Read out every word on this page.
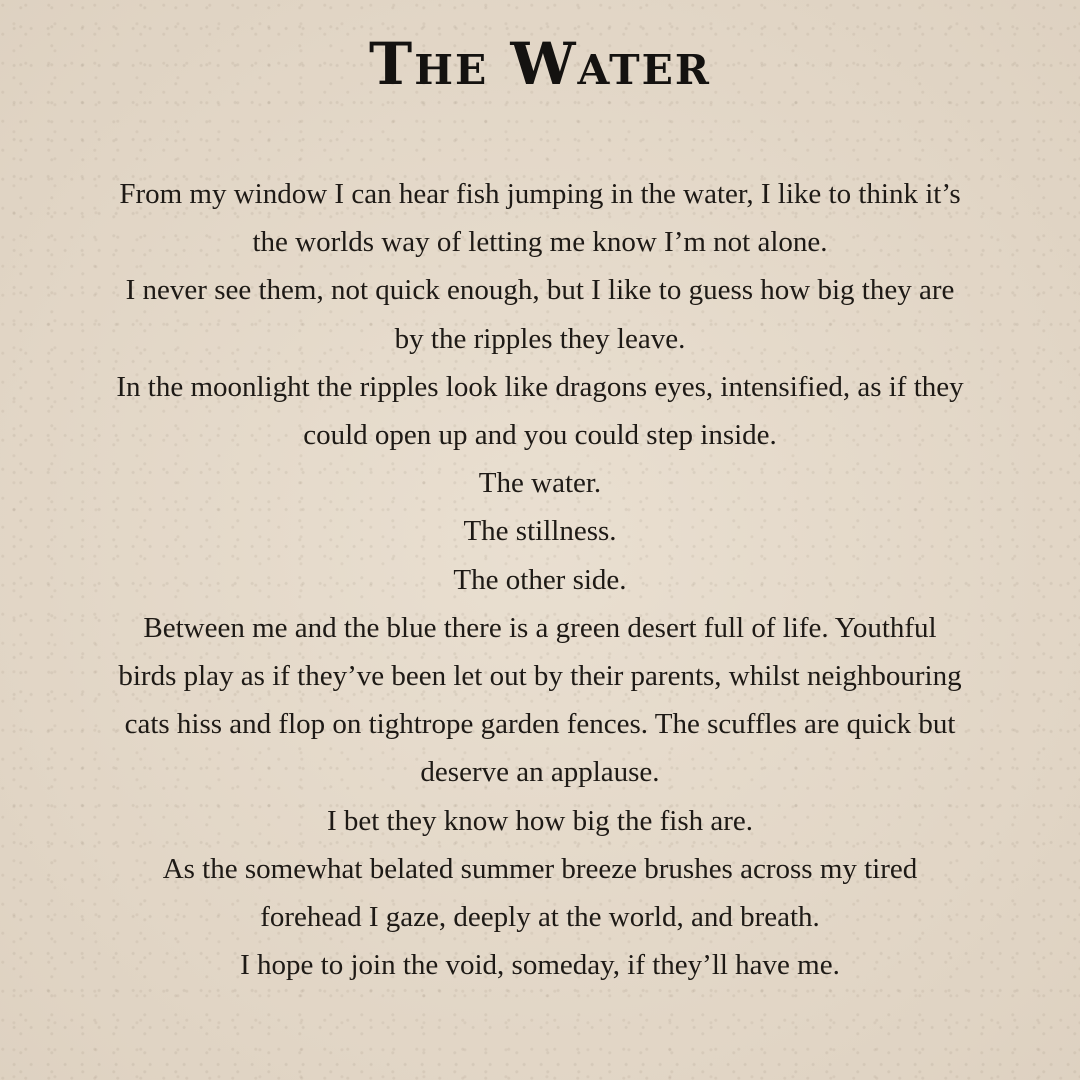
The Water
From my window I can hear fish jumping in the water, I like to think it’s
the worlds way of letting me know I’m not alone.
I never see them, not quick enough, but I like to guess how big they are
by the ripples they leave.
In the moonlight the ripples look like dragons eyes, intensified, as if they
could open up and you could step inside.
The water.
The stillness.
The other side.
Between me and the blue there is a green desert full of life. Youthful
birds play as if they’ve been let out by their parents, whilst neighbouring
cats hiss and flop on tightrope garden fences. The scuffles are quick but
deserve an applause.
I bet they know how big the fish are.
As the somewhat belated summer breeze brushes across my tired
forehead I gaze, deeply at the world, and breath.
I hope to join the void, someday, if they’ll have me.
